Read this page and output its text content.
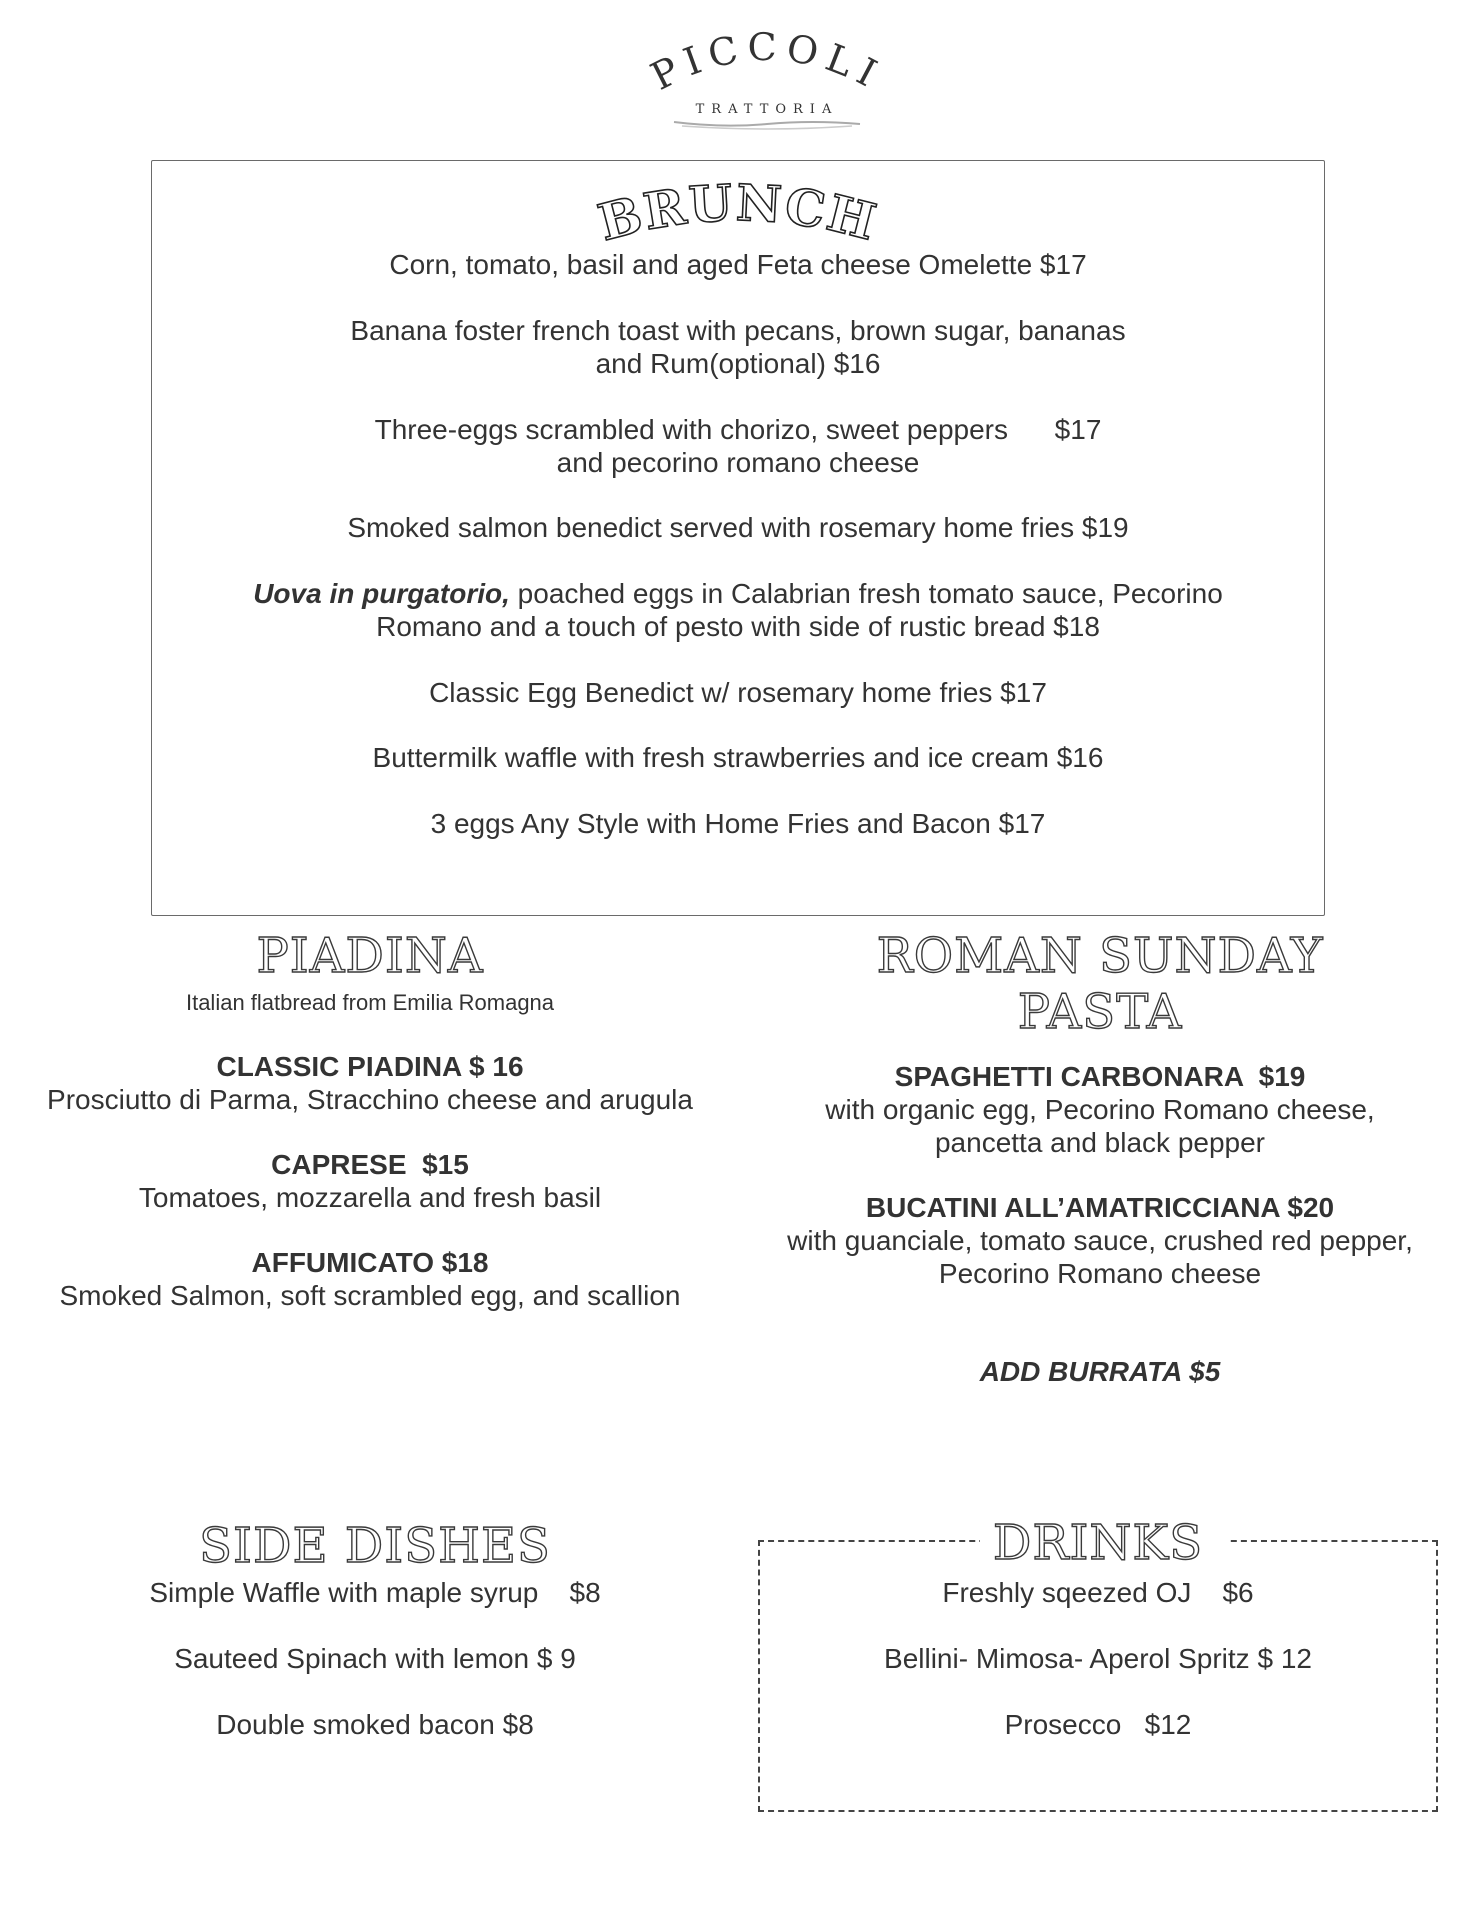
PICCOLI
TRATTORIA
BRUNCH
Corn, tomato, basil and aged Feta cheese Omelette $17
Banana foster french toast with pecans, brown sugar, bananas
and Rum(optional) $16
Three-eggs scrambled with chorizo, sweet peppers      $17
and pecorino romano cheese
Smoked salmon benedict served with rosemary home fries $19
Uova in purgatorio, poached eggs in Calabrian fresh tomato sauce, Pecorino
Romano and a touch of pesto with side of rustic bread $18
Classic Egg Benedict w/ rosemary home fries $17
Buttermilk waffle with fresh strawberries and ice cream $16
3 eggs Any Style with Home Fries and Bacon $17
PIADINA
Italian flatbread from Emilia Romagna
CLASSIC PIADINA $ 16
Prosciutto di Parma, Stracchino cheese and arugula
CAPRESE  $15
Tomatoes, mozzarella and fresh basil
AFFUMICATO $18
Smoked Salmon, soft scrambled egg, and scallion
ROMAN SUNDAY
PASTA
SPAGHETTI CARBONARA  $19
with organic egg, Pecorino Romano cheese,
pancetta and black pepper
BUCATINI ALL’AMATRICCIANA $20
with guanciale, tomato sauce, crushed red pepper,
Pecorino Romano cheese
ADD BURRATA $5
SIDE DISHES
Simple Waffle with maple syrup    $8
Sauteed Spinach with lemon $ 9
Double smoked bacon $8
DRINKS
Freshly sqeezed OJ    $6
Bellini- Mimosa- Aperol Spritz $ 12
Prosecco   $12
